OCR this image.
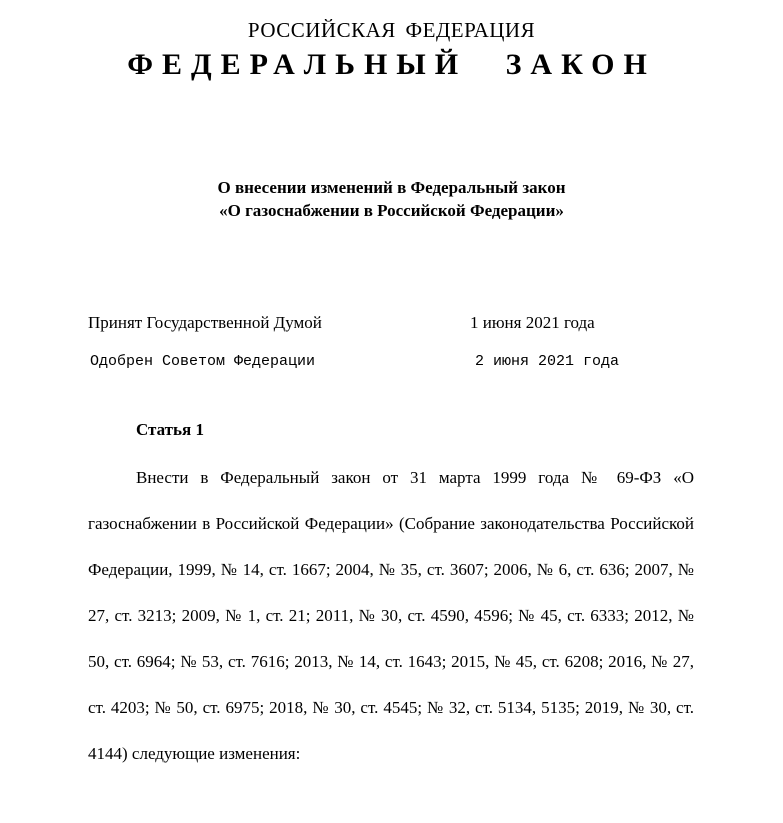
РОССИЙСКАЯ ФЕДЕРАЦИЯ
ФЕДЕРАЛЬНЫЙ ЗАКОН
О внесении изменений в Федеральный закон
«О газоснабжении в Российской Федерации»
Принят Государственной Думой	1 июня 2021 года
Одобрен Советом Федерации	2 июня 2021 года
Статья 1

Внести в Федеральный закон от 31 марта 1999 года № 69-ФЗ «О газоснабжении в Российской Федерации» (Собрание законодательства Российской Федерации, 1999, № 14, ст. 1667; 2004, № 35, ст. 3607; 2006, № 6, ст. 636; 2007, № 27, ст. 3213; 2009, № 1, ст. 21; 2011, № 30, ст. 4590, 4596; № 45, ст. 6333; 2012, № 50, ст. 6964; № 53, ст. 7616; 2013, № 14, ст. 1643; 2015, № 45, ст. 6208; 2016, № 27, ст. 4203; № 50, ст. 6975; 2018, № 30, ст. 4545; № 32, ст. 5134, 5135; 2019, № 30, ст. 4144) следующие изменения:
